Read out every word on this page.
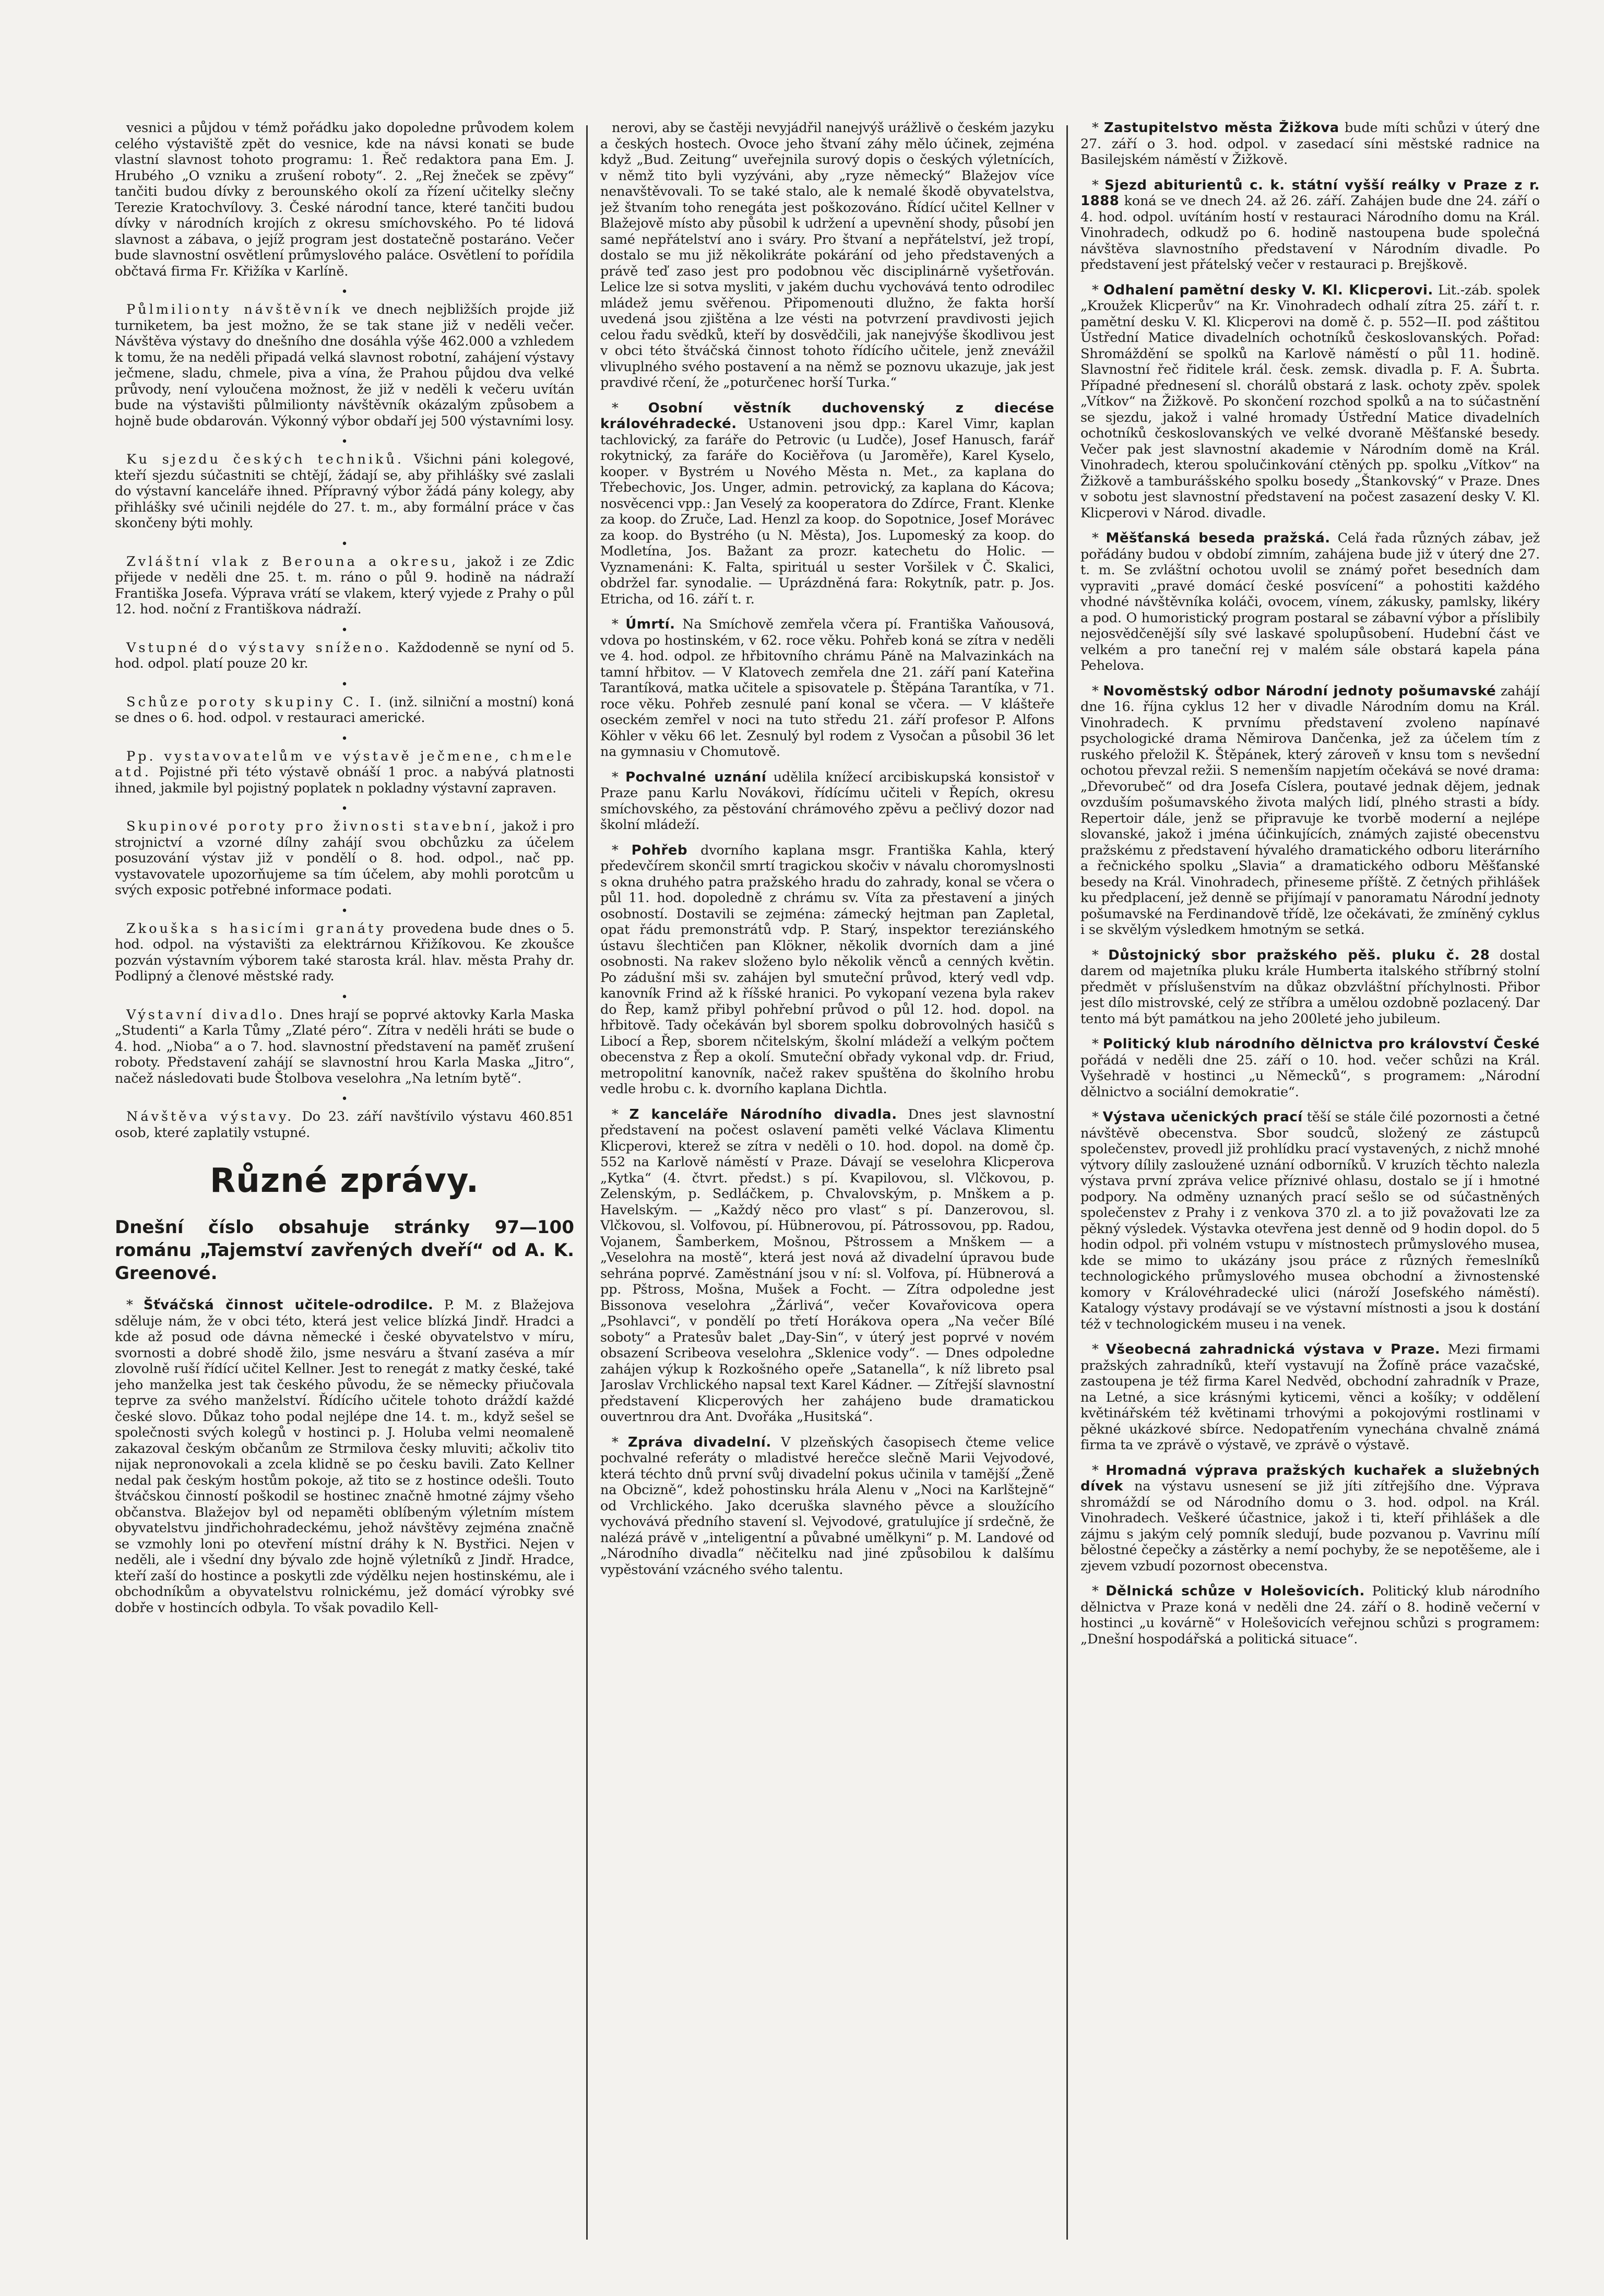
vesnici a půjdou v témž pořádku jako dopoledne průvodem kolem celého výstaviště zpět do vesnice, kde na návsi konati se bude vlastní slavnost tohoto programu: 1. Řeč redaktora pana Em. J. Hrubého „O vzniku a zrušení roboty“. 2. „Rej žneček se zpěvy“ tančiti budou dívky z berounského okolí za řízení učitelky slečny Terezie Kratochvílovy. 3. České národní tance, které tančiti budou dívky v národních krojích z okresu smíchovského. Po té lidová slavnost a zábava, o jejíž program jest dostatečně postaráno. Večer bude slavnostní osvětlení průmyslového paláce. Osvětlení to pořídila občtavá firma Fr. Křižíka v Karlíně.

•

Půlmilionty návštěvník ve dnech nejbližších projde již turniketem, ba jest možno, že se tak stane již v neděli večer. Návštěva výstavy do dnešního dne dosáhla výše 462.000 a vzhledem k tomu, že na neděli připadá velká slavnost robotní, zahájení výstavy ječmene, sladu, chmele, piva a vína, že Prahou půjdou dva velké průvody, není vyloučena možnost, že již v neděli k večeru uvítán bude na výstavišti půlmilionty návštěvník okázalým způsobem a hojně bude obdarován. Výkonný výbor obdaří jej 500 výstavními losy.

•

Ku sjezdu českých techniků. Všichni páni kolegové, kteří sjezdu súčastniti se chtějí, žádají se, aby přihlášky své zaslali do výstavní kanceláře ihned. Přípravný výbor žádá pány kolegy, aby přihlášky své učinili nejdéle do 27. t. m., aby formální práce v čas skončeny býti mohly.

•

Zvláštní vlak z Berouna a okresu, jakož i ze Zdic přijede v neděli dne 25. t. m. ráno o půl 9. hodině na nádraží Františka Josefa. Výprava vrátí se vlakem, který vyjede z Prahy o půl 12. hod. noční z Františkova nádraží.

•

Vstupné do výstavy sníženo. Každodenně se nyní od 5. hod. odpol. platí pouze 20 kr.

•

Schůze poroty skupiny C. I. (inž. silniční a mostní) koná se dnes o 6. hod. odpol. v restauraci americké.

•

Pp. vystavovatelům ve výstavě ječmene, chmele atd. Pojistné při této výstavě obnáší 1 proc. a nabývá platnosti ihned, jakmile byl pojistný poplatek n pokladny výstavní zapraven.

•

Skupinové poroty pro živnosti stavební, jakož i pro strojnictví a vzorné dílny zahájí svou obchůzku za účelem posuzování výstav již v pondělí o 8. hod. odpol., nač pp. vystavovatele upozorňujeme sa tím účelem, aby mohli porotcům u svých exposic potřebné informace podati.

•

Zkouška s hasicími granáty provedena bude dnes o 5. hod. odpol. na výstavišti za elektrárnou Křižíkovou. Ke zkoušce pozván výstavním výborem také starosta král. hlav. města Prahy dr. Podlipný a členové městské rady.

•

Výstavní divadlo. Dnes hrají se poprvé aktovky Karla Maska „Studenti“ a Karla Tůmy „Zlaté péro“. Zítra v neděli hráti se bude o 4. hod. „Nioba“ a o 7. hod. slavnostní představení na paměť zrušení roboty. Představení zahájí se slavnostní hrou Karla Maska „Jitro“, načež následovati bude Štolbova veselohra „Na letním bytě“.

•

Návštěva výstavy. Do 23. září navštívilo výstavu 460.851 osob, které zaplatily vstupné.

Různé zprávy.

Dnešní číslo obsahuje stránky 97—100 románu „Tajemství zavřených dveří“ od A. K. Greenové.

* Šťváčská činnost učitele-odrodilce. P. M. z Blažejova sděluje nám, že v obci této, která jest velice blízká Jindř. Hradci a kde až posud ode dávna německé i české obyvatelstvo v míru, svornosti a dobré shodě žilo, jsme nesváru a štvaní zaséva a mír zlovolně ruší řídící učitel Kellner. Jest to renegát z matky české, také jeho manželka jest tak českého původu, že se německy přiučovala teprve za svého manželství. Řídícího učitele tohoto dráždí každé české slovo. Důkaz toho podal nejlépe dne 14. t. m., když sešel se společnosti svých kolegů v hostinci p. J. Holuba velmi neomaleně zakazoval českým občanům ze Strmilova česky mluviti; ačkoliv tito nijak nepronovokali a zcela klidně se po česku bavili. Zato Kellner nedal pak českým hostům pokoje, až tito se z hostince odešli. Touto štváčskou činností poškodil se hostinec značně hmotné zájmy všeho občanstva. Blažejov byl od nepaměti oblíbeným výletním místem obyvatelstvu jindřichohradeckému, jehož návštěvy zejména značně se vzmohly loni po otevření místní dráhy k N. Bystřici. Nejen v neděli, ale i všední dny bývalo zde hojně výletníků z Jindř. Hradce, kteří zaší do hostince a poskytli zde výdělku nejen hostinskému, ale i obchodníkům a obyvatelstvu rolnickému, jež domácí výrobky své dobře v hostincích odbyla. To však povadilo Kell-

nerovi, aby se častěji nevyjádřil nanejvýš urážlivě o českém jazyku a českých hostech. Ovoce jeho štvaní záhy mělo účinek, zejména když „Bud. Zeitung“ uveřejnila surový dopis o českých výletnících, v němž tito byli vyzýváni, aby „ryze německý“ Blažejov více nenavštěvovali. To se také stalo, ale k nemalé škodě obyvatelstva, jež štvaním toho renegáta jest poškozováno. Řídící učitel Kellner v Blažejově místo aby působil k udržení a upevnění shody, působí jen samé nepřátelství ano i sváry. Pro štvaní a nepřátelství, jež tropí, dostalo se mu již několikráte pokárání od jeho představených a právě teď zaso jest pro podobnou věc disciplinárně vyšetřován. Lelice lze si sotva mysliti, v jakém duchu vychovává tento odrodilec mládež jemu svěřenou. Připomenouti dlužno, že fakta horší uvedená jsou zjištěna a lze vésti na potvrzení pravdivosti jejich celou řadu svědků, kteří by dosvědčili, jak nanejvýše škodlivou jest v obci této štváčská činnost tohoto řídícího učitele, jenž znevážil vlivuplného svého postavení a na němž se poznovu ukazuje, jak jest pravdivé rčení, že „poturčenec horší Turka.“

* Osobní věstník duchovenský z diecése královéhradecké. Ustanoveni jsou dpp.: Karel Vimr, kaplan tachlovický, za faráře do Petrovic (u Ludče), Josef Hanusch, farář rokytnický, za faráře do Kociěřova (u Jaroměře), Karel Kyselo, kooper. v Bystrém u Nového Města n. Met., za kaplana do Třebechovic, Jos. Unger, admin. petrovický, za kaplana do Kácova; nosvěcenci vpp.: Jan Veselý za kooperatora do Zdírce, Frant. Klenke za koop. do Zruče, Lad. Henzl za koop. do Sopotnice, Josef Morávec za koop. do Bystrého (u N. Města), Jos. Lupomeský za koop. do Modletína, Jos. Bažant za prozr. katechetu do Holic. — Vyznamenáni: K. Falta, spirituál u sester Voršilek v Č. Skalici, obdržel far. synodalie. — Uprázdněná fara: Rokytník, patr. p. Jos. Etricha, od 16. září t. r.

* Úmrtí. Na Smíchově zemřela včera pí. Františka Vaňousová, vdova po hostinském, v 62. roce věku. Pohřeb koná se zítra v neděli ve 4. hod. odpol. ze hřbitovního chrámu Páně na Malvazinkách na tamní hřbitov. — V Klatovech zemřela dne 21. září paní Kateřina Tarantíková, matka učitele a spisovatele p. Štěpána Tarantíka, v 71. roce věku. Pohřeb zesnulé paní konal se včera. — V klášteře oseckém zemřel v noci na tuto středu 21. září profesor P. Alfons Köhler v věku 66 let. Zesnulý byl rodem z Vysočan a působil 36 let na gymnasiu v Chomutově.

* Pochvalné uznání udělila knížecí arcibiskupská konsistoř v Praze panu Karlu Novákovi, řídícímu učiteli v Řepích, okresu smíchovského, za pěstování chrámového zpěvu a pečlivý dozor nad školní mládeží.

* Pohřeb dvorního kaplana msgr. Františka Kahla, který předevčírem skončil smrtí tragickou skočiv v návalu choromyslnosti s okna druhého patra pražského hradu do zahrady, konal se včera o půl 11. hod. dopoledně z chrámu sv. Víta za přestavení a jiných osobností. Dostavili se zejména: zámecký hejtman pan Zapletal, opat řádu premonstrátů vdp. P. Starý, inspektor tereziánského ústavu šlechtičen pan Klökner, několik dvorních dam a jiné osobnosti. Na rakev složeno bylo několik věnců a cenných květin. Po zádušní mši sv. zahájen byl smuteční průvod, který vedl vdp. kanovník Frind až k říšské hranici. Po vykopaní vezena byla rakev do Řep, kamž přibyl pohřební průvod o půl 12. hod. dopol. na hřbitově. Tady očekáván byl sborem spolku dobrovolných hasičů s Libocí a Řep, sborem nčitelským, školní mládeží a velkým počtem obecenstva z Řep a okolí. Smuteční obřady vykonal vdp. dr. Friud, metropolitní kanovník, načež rakev spuštěna do školního hrobu vedle hrobu c. k. dvorního kaplana Dichtla.

* Z kanceláře Národního divadla. Dnes jest slavnostní představení na počest oslavení paměti velké Václava Klimentu Klicperovi, kterež se zítra v neděli o 10. hod. dopol. na domě čp. 552 na Karlově náměstí v Praze. Dávají se veselohra Klicperova „Kytka“ (4. čtvrt. předst.) s pí. Kvapilovou, sl. Vlčkovou, p. Zelenským, p. Sedláčkem, p. Chvalovským, p. Mnškem a p. Havelským. — „Každý něco pro vlast“ s pí. Danzerovou, sl. Vlčkovou, sl. Volfovou, pí. Hübnerovou, pí. Pátrossovou, pp. Radou, Vojanem, Šamberkem, Mošnou, Pštrossem a Mnškem — a „Veselohra na mostě“, která jest nová až divadelní úpravou bude sehrána poprvé. Zaměstnání jsou v ní: sl. Volfova, pí. Hübnerová a pp. Pštross, Mošna, Mušek a Focht. — Zítra odpoledne jest Bissonova veselohra „Žárlivá“, večer Kovařovicova opera „Psohlavci“, v pondělí po třetí Horákova opera „Na večer Bílé soboty“ a Pratesův balet „Day-Sin“, v úterý jest poprvé v novém obsazení Scribeova veselohra „Sklenice vody“. — Dnes odpoledne zahájen výkup k Rozkošného opeře „Satanella“, k níž libreto psal Jaroslav Vrchlického napsal text Karel Kádner. — Zítřejší slavnostní představení Klicperových her zahájeno bude dramatickou ouvertnrou dra Ant. Dvořáka „Husitská“.

* Zpráva divadelní. V plzeňských časopisech čteme velice pochvalné referáty o mladistvé herečce slečně Marii Vejvodové, která téchto dnů první svůj divadelní pokus učinila v tamější „Ženě na Obcizně“, kdež pohostinsku hrála Alenu v „Noci na Karlštejně“ od Vrchlického. Jako dceruška slavného pěvce a sloužícího vychovává předního stavení sl. Vejvodové, gratulujíce jí srdečně, že nalézá právě v „inteligentní a půvabné umělkyni“ p. M. Landové od „Národního divadla“ něčitelku nad jiné způsobilou k dalšímu vypěstování vzácného svého talentu.

* Zastupitelstvo města Žižkova bude míti schůzi v úterý dne 27. září o 3. hod. odpol. v zasedací síni městské radnice na Basilejském náměstí v Žižkově.

* Sjezd abiturientů c. k. státní vyšší reálky v Praze z r. 1888 koná se ve dnech 24. až 26. září. Zahájen bude dne 24. září o 4. hod. odpol. uvítáním hostí v restauraci Národního domu na Král. Vinohradech, odkudž po 6. hodině nastoupena bude společná návštěva slavnostního představení v Národním divadle. Po představení jest přátelský večer v restauraci p. Brejškově.

* Odhalení pamětní desky V. Kl. Klicperovi. Lit.-záb. spolek „Kroužek Klicperův“ na Kr. Vinohradech odhalí zítra 25. září t. r. pamětní desku V. Kl. Klicperovi na domě č. p. 552—II. pod záštitou Ústřední Matice divadelních ochotníků českoslovanských. Pořad: Shromáždění se spolků na Karlově náměstí o půl 11. hodině. Slavnostní řeč řiditele král. česk. zemsk. divadla p. F. A. Šubrta. Případné přednesení sl. chorálů obstará z lask. ochoty zpěv. spolek „Vítkov“ na Žižkově. Po skončení rozchod spolků a na to súčastnění se sjezdu, jakož i valné hromady Ústřední Matice divadelních ochotníků českoslovanských ve velké dvoraně Měšťanské besedy. Večer pak jest slavnostní akademie v Národním domě na Král. Vinohradech, kterou spolučinkování ctěných pp. spolku „Vítkov“ na Žižkově a tamburášského spolku bosedy „Štankovský“ v Praze. Dnes v sobotu jest slavnostní představení na počest zasazení desky V. Kl. Klicperovi v Národ. divadle.

* Měšťanská beseda pražská. Celá řada různých zábav, jež pořádány budou v období zimním, zahájena bude již v úterý dne 27. t. m. Se zvláštní ochotou uvolil se známý pořet besedních dam vypraviti „pravé domácí české posvícení“ a pohostiti každého vhodné návštěvníka koláči, ovocem, vínem, zákusky, pamlsky, likéry a pod. O humoristický program postaral se zábavní výbor a příslibily nejosvědčenější síly své laskavé spolupůsobení. Hudební část ve velkém a pro taneční rej v malém sále obstará kapela pána Pehelova.

* Novoměstský odbor Národní jednoty pošumavské zahájí dne 16. října cyklus 12 her v divadle Národním domu na Král. Vinohradech. K prvnímu představení zvoleno napínavé psychologické drama Němirova Dančenka, jež za účelem tím z ruského přeložil K. Štěpánek, který zároveň v knsu tom s nevšední ochotou převzal režii. S nemenším napjetím očekává se nové drama: „Dřevorubeč“ od dra Josefa Císlera, poutavé jednak dějem, jednak ovzduším pošumavského života malých lidí, plného strasti a bídy. Repertoir dále, jenž se připravuje ke tvorbě moderní a nejlépe slovanské, jakož i jména účinkujících, známých zajisté obecenstvu pražskému z představení hývalého dramatického odboru literárního a řečnického spolku „Slavia“ a dramatického odboru Měšťanské besedy na Král. Vinohradech, přineseme příště. Z četných přihlášek ku předplacení, jež denně se přijímají v panoramatu Národní jednoty pošumavské na Ferdinandově třídě, lze očekávati, že zmíněný cyklus i se skvělým výsledkem hmotným se setká.

* Důstojnický sbor pražského pěš. pluku č. 28 dostal darem od majetníka pluku krále Humberta italského stříbrný stolní předmět v příslušenstvím na důkaz obzvláštní příchylnosti. Přibor jest dílo mistrovské, celý ze stříbra a umělou ozdobně pozlacený. Dar tento má být památkou na jeho 200leté jeho jubileum.

* Politický klub národního dělnictva pro království České pořádá v neděli dne 25. září o 10. hod. večer schůzi na Král. Vyšehradě v hostinci „u Německů“, s programem: „Národní dělnictvo a sociální demokratie“.

* Výstava učenických prací těší se stále čilé pozornosti a četné návštěvě obecenstva. Sbor soudců, složený ze zástupců společenstev, provedl již prohlídku prací vystavených, z nichž mnohé výtvory dílily zasloužené uznání odborníků. V kruzích těchto nalezla výstava první zpráva velice příznivé ohlasu, dostalo se jí i hmotné podpory. Na odměny uznaných prací sešlo se od súčastněných společenstev z Prahy i z venkova 370 zl. a to již považovati lze za pěkný výsledek. Výstavka otevřena jest denně od 9 hodin dopol. do 5 hodin odpol. při volném vstupu v místnostech průmyslového musea, kde se mimo to ukázány jsou práce z různých řemeslníků technologického průmyslového musea obchodní a živnostenské komory v Královéhradecké ulici (nároží Josefského náměstí). Katalogy výstavy prodávají se ve výstavní místnosti a jsou k dostání též v technologickém museu i na venek.

* Všeobecná zahradnická výstava v Praze. Mezi firmami pražských zahradníků, kteří vystavují na Žofíně práce vazačské, zastoupena je též firma Karel Nedvěd, obchodní zahradník v Praze, na Letné, a sice krásnými kyticemi, věnci a košíky; v oddělení květinářském též květinami trhovými a pokojovými rostlinami v pěkné ukázkové sbírce. Nedopatřením vynechána chvalně známá firma ta ve zprávě o výstavě, ve zprávě o výstavě.

* Hromadná výprava pražských kuchařek a služebných dívek na výstavu usnesení se již jíti zítřejšího dne. Výprava shromáždí se od Národního domu o 3. hod. odpol. na Král. Vinohradech. Veškeré účastnice, jakož i ti, kteří přihlášek a dle zájmu s jakým celý pomník sledují, bude pozvanou p. Vavrinu mílí bělostné čepečky a zástěrky a nemí pochyby, že se nepotěšeme, ale i zjevem vzbudí pozornost obecenstva.

* Dělnická schůze v Holešovicích. Politický klub národního dělnictva v Praze koná v neděli dne 24. září o 8. hodině večerní v hostinci „u kovárně“ v Holešovicích veřejnou schůzi s programem: „Dnešní hospodářská a politická situace“.
